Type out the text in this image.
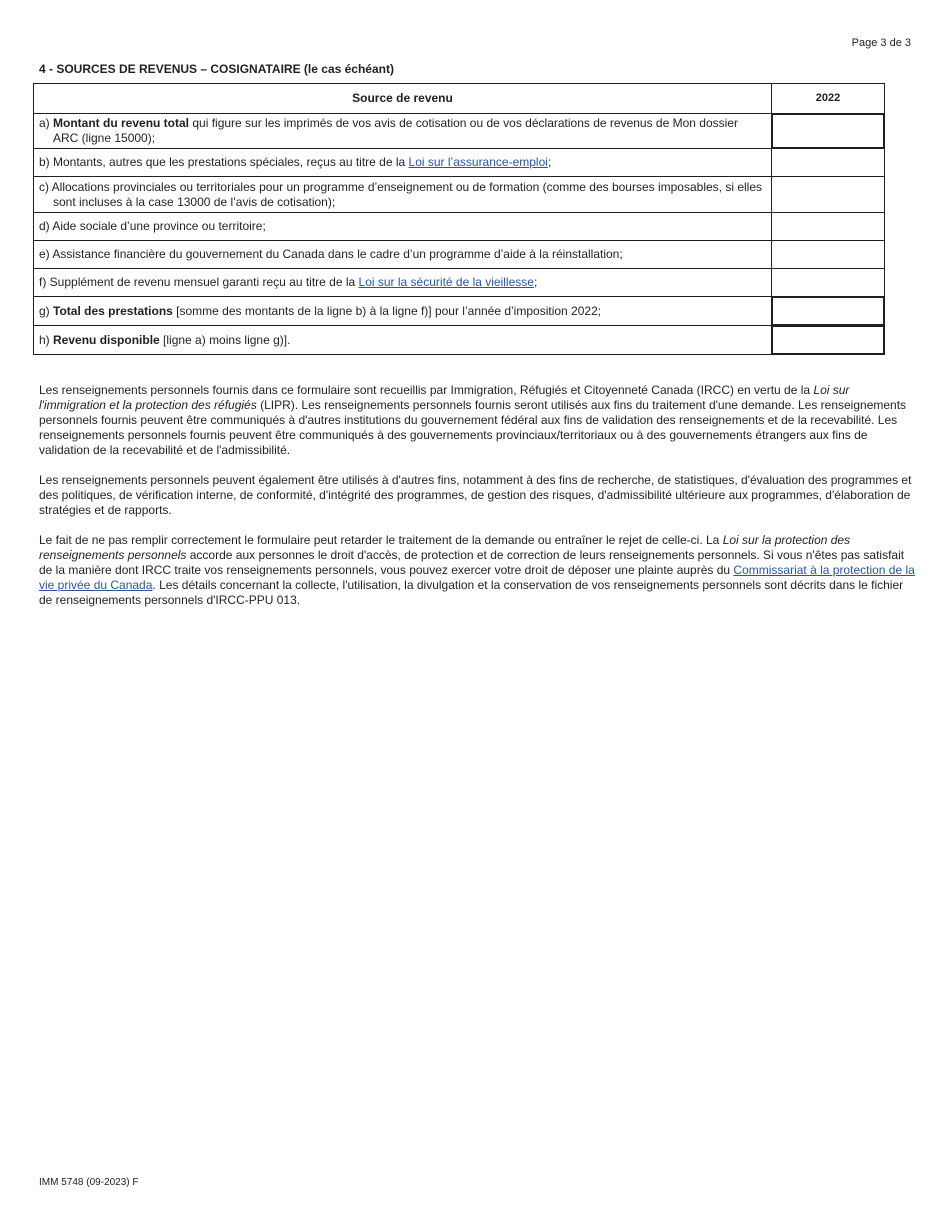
Page 3 de 3
4 - SOURCES DE REVENUS – COSIGNATAIRE (le cas échéant)
Source de revenu	2022

a) Montant du revenu total qui figure sur les imprimés de vos avis de cotisation ou de vos déclarations de revenus de Mon dossier ARC (ligne 15000);	

b) Montants, autres que les prestations spéciales, reçus au titre de la Loi sur l’assurance-emploi;	

c) Allocations provinciales ou territoriales pour un programme d’enseignement ou de formation (comme des bourses imposables, si elles sont incluses à la case 13000 de l’avis de cotisation);	

d) Aide sociale d’une province ou territoire;	

e) Assistance financière du gouvernement du Canada dans le cadre d’un programme d’aide à la réinstallation;	

f) Supplément de revenu mensuel garanti reçu au titre de la Loi sur la sécurité de la vieillesse;	

g) Total des prestations [somme des montants de la ligne b) à la ligne f)] pour l’année d’imposition 2022;	

h) Revenu disponible [ligne a) moins ligne g)].	

Les renseignements personnels fournis dans ce formulaire sont recueillis par Immigration, Réfugiés et Citoyenneté Canada (IRCC) en vertu de la Loi sur l'immigration et la protection des réfugiés (LIPR). Les renseignements personnels fournis seront utilisés aux fins du traitement d'une demande. Les renseignements personnels fournis peuvent être communiqués à d'autres institutions du gouvernement fédéral aux fins de validation des renseignements et de la recevabilité. Les renseignements personnels fournis peuvent être communiqués à des gouvernements provinciaux/territoriaux ou à des gouvernements étrangers aux fins de validation de la recevabilité et de l'admissibilité.

Les renseignements personnels peuvent également être utilisés à d'autres fins, notamment à des fins de recherche, de statistiques, d'évaluation des programmes et des politiques, de vérification interne, de conformité, d'intégrité des programmes, de gestion des risques, d'admissibilité ultérieure aux programmes, d'élaboration de stratégies et de rapports.

Le fait de ne pas remplir correctement le formulaire peut retarder le traitement de la demande ou entraîner le rejet de celle-ci. La Loi sur la protection des renseignements personnels accorde aux personnes le droit d'accès, de protection et de correction de leurs renseignements personnels. Si vous n'êtes pas satisfait de la manière dont IRCC traite vos renseignements personnels, vous pouvez exercer votre droit de déposer une plainte auprès du Commissariat à la protection de la vie privée du Canada. Les détails concernant la collecte, l'utilisation, la divulgation et la conservation de vos renseignements personnels sont décrits dans le fichier de renseignements personnels d'IRCC-PPU 013.

IMM 5748 (09-2023) F
